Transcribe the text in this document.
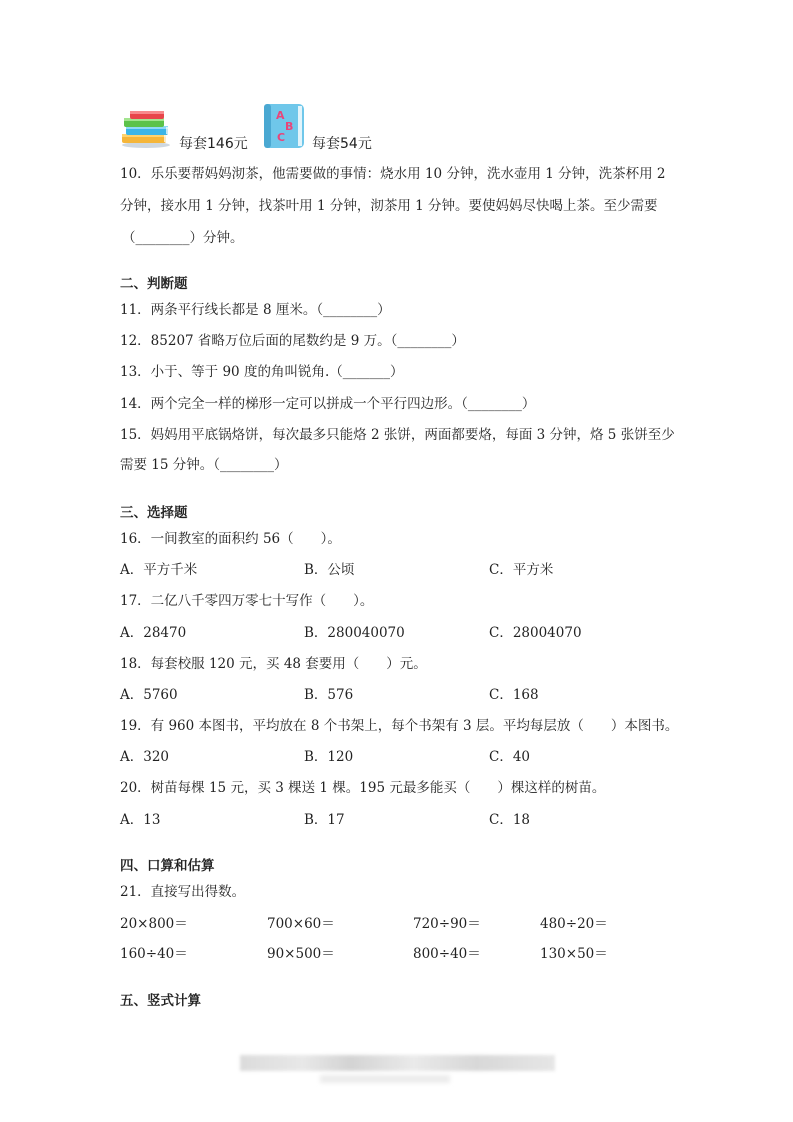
每套146元
A
B
C 每套54元
10．乐乐要帮妈妈沏茶，他需要做的事情：烧水用 10 分钟，洗水壶用 1 分钟，洗茶杯用 2
分钟，接水用 1 分钟，找茶叶用 1 分钟，沏茶用 1 分钟。要使妈妈尽快喝上茶。至少需要
（________）分钟。
二、判断题
11．两条平行线长都是 8 厘米。（________）
12．85207 省略万位后面的尾数约是 9 万。（________）
13．小于、等于 90 度的角叫锐角.（_______）
14．两个完全一样的梯形一定可以拼成一个平行四边形。（________）
15．妈妈用平底锅烙饼，每次最多只能烙 2 张饼，两面都要烙，每面 3 分钟，烙 5 张饼至少
需要 15 分钟。（________）
三、选择题
16．一间教室的面积约 56（　　）。
A．平方千米	B．公顷	C．平方米
17．二亿八千零四万零七十写作（　　）。
A．28470	B．280040070	C．28004070
18．每套校服 120 元，买 48 套要用（　　）元。
A．5760	B．576	C．168
19．有 960 本图书，平均放在 8 个书架上，每个书架有 3 层。平均每层放（　　）本图书。
A．320	B．120	C．40
20．树苗每棵 15 元，买 3 棵送 1 棵。195 元最多能买（　　）棵这样的树苗。
A．13	B．17	C．18
四、口算和估算
21．直接写出得数。
20×800＝	700×60＝	720÷90＝	480÷20＝
160÷40＝	90×500＝	800÷40＝	130×50＝
五、竖式计算
